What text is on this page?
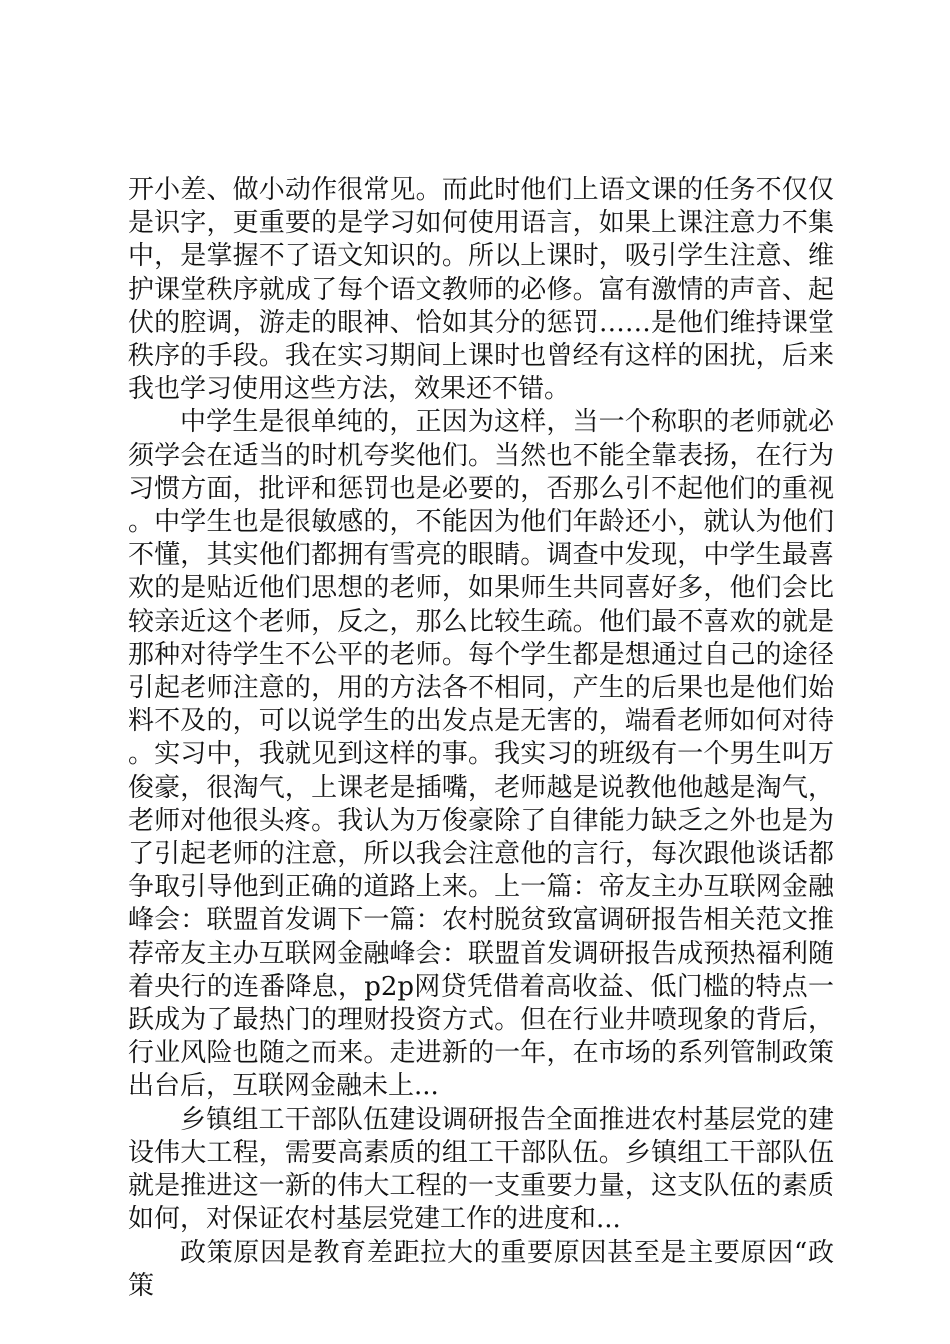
开小差、做小动作很常见。而此时他们上语文课的任务不仅仅是识字，更重要的是学习如何使用语言，如果上课注意力不集中，是掌握不了语文知识的。所以上课时，吸引学生注意、维护课堂秩序就成了每个语文教师的必修。富有激情的声音、起伏的腔调，游走的眼神、恰如其分的惩罚……是他们维持课堂秩序的手段。我在实习期间上课时也曾经有这样的困扰，后来我也学习使用这些方法，效果还不错。

中学生是很单纯的，正因为这样，当一个称职的老师就必须学会在适当的时机夸奖他们。当然也不能全靠表扬，在行为习惯方面，批评和惩罚也是必要的，否那么引不起他们的重视。中学生也是很敏感的，不能因为他们年龄还小，就认为他们不懂，其实他们都拥有雪亮的眼睛。调查中发现，中学生最喜欢的是贴近他们思想的老师，如果师生共同喜好多，他们会比较亲近这个老师，反之，那么比较生疏。他们最不喜欢的就是那种对待学生不公平的老师。每个学生都是想通过自己的途径引起老师注意的，用的方法各不相同，产生的后果也是他们始料不及的，可以说学生的出发点是无害的，端看老师如何对待。实习中，我就见到这样的事。我实习的班级有一个男生叫万俊豪，很淘气，上课老是插嘴，老师越是说教他他越是淘气，老师对他很头疼。我认为万俊豪除了自律能力缺乏之外也是为了引起老师的注意，所以我会注意他的言行，每次跟他谈话都争取引导他到正确的道路上来。上一篇：帝友主办互联网金融峰会：联盟首发调下一篇：农村脱贫致富调研报告相关范文推荐帝友主办互联网金融峰会：联盟首发调研报告成预热福利随着央行的连番降息，p2p网贷凭借着高收益、低门槛的特点一跃成为了最热门的理财投资方式。但在行业井喷现象的背后，行业风险也随之而来。走进新的一年，在市场的系列管制政策出台后，互联网金融未上...

乡镇组工干部队伍建设调研报告全面推进农村基层党的建设伟大工程，需要高素质的组工干部队伍。乡镇组工干部队伍就是推进这一新的伟大工程的一支重要力量，这支队伍的素质如何，对保证农村基层党建工作的进度和...

政策原因是教育差距拉大的重要原因甚至是主要原因“政策
